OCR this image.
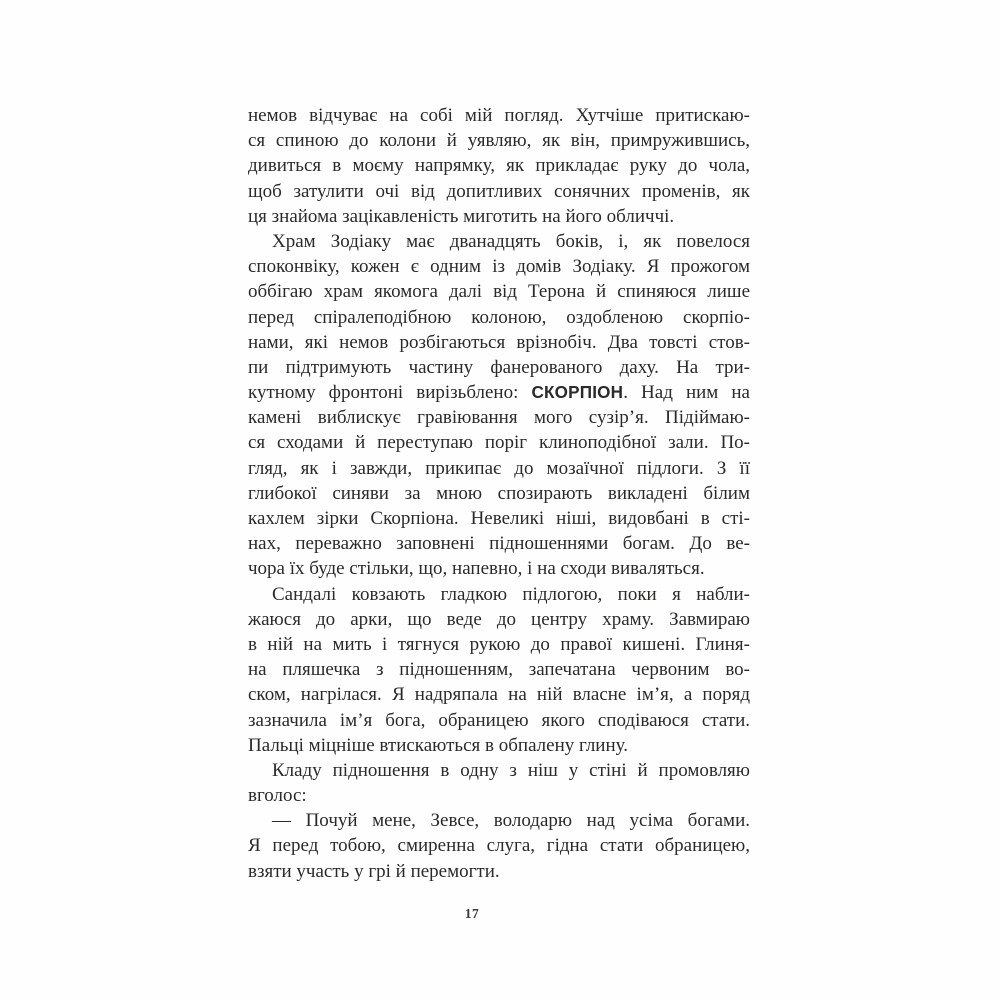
немов відчуває на собі мій погляд. Хутчіше притискаю-
ся спиною до колони й уявляю, як він, примружившись,
дивиться в моєму напрямку, як прикладає руку до чола,
щоб затулити очі від допитливих сонячних променів, як
ця знайома зацікавленість миготить на його обличчі.
Храм Зодіаку має дванадцять боків, і, як повелося
споконвіку, кожен є одним із домів Зодіаку. Я прожогом
оббігаю храм якомога далі від Терона й спиняюся лише
перед спіралеподібною колоною, оздобленою скорпіо-
нами, які немов розбігаються врізнобіч. Два товсті стов-
пи підтримують частину фанерованого даху. На три-
кутному фронтоні вирізьблено: СКОРПІОН. Над ним на
камені виблискує гравіювання мого сузір’я. Підіймаю-
ся сходами й переступаю поріг клиноподібної зали. По-
гляд, як і завжди, прикипає до мозаїчної підлоги. З її
глибокої синяви за мною спозирають викладені білим
кахлем зірки Скорпіона. Невеликі ніші, видовбані в сті-
нах, переважно заповнені підношеннями богам. До ве-
чора їх буде стільки, що, напевно, і на сходи виваляться.
Сандалі ковзають гладкою підлогою, поки я набли-
жаюся до арки, що веде до центру храму. Завмираю
в ній на мить і тягнуся рукою до правої кишені. Глиня-
на пляшечка з підношенням, запечатана червоним во-
ском, нагрілася. Я надряпала на ній власне ім’я, а поряд
зазначила ім’я бога, обраницею якого сподіваюся стати.
Пальці міцніше втискаються в обпалену глину.
Кладу підношення в одну з ніш у стіні й промовляю
вголос:
— Почуй мене, Зевсе, володарю над усіма богами.
Я перед тобою, смиренна слуга, гідна стати обраницею,
взяти участь у грі й перемогти.
17
